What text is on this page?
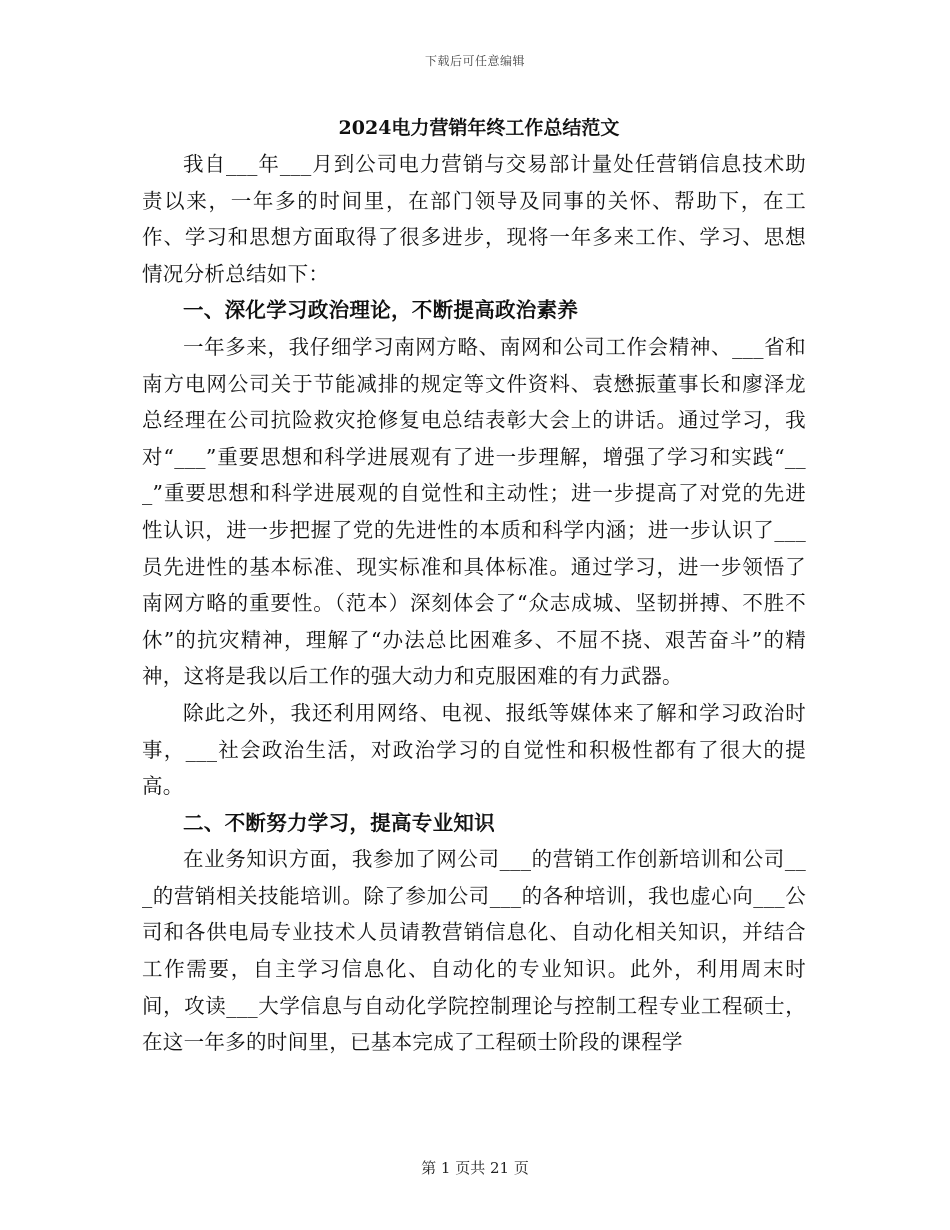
下载后可任意编辑
2024电力营销年终工作总结范文

我自___年___月到公司电力营销与交易部计量处任营销信息技术助责以来，一年多的时间里，在部门领导及同事的关怀、帮助下，在工作、学习和思想方面取得了很多进步，现将一年多来工作、学习、思想情况分析总结如下：

一、深化学习政治理论，不断提高政治素养

一年多来，我仔细学习南网方略、南网和公司工作会精神、___省和南方电网公司关于节能减排的规定等文件资料、袁懋振董事长和廖泽龙总经理在公司抗险救灾抢修复电总结表彰大会上的讲话。通过学习，我对“___”重要思想和科学进展观有了进一步理解，增强了学习和实践“___”重要思想和科学进展观的自觉性和主动性；进一步提高了对党的先进性认识，进一步把握了党的先进性的本质和科学内涵；进一步认识了___员先进性的基本标准、现实标准和具体标准。通过学习，进一步领悟了南网方略的重要性。（范本）深刻体会了“众志成城、坚韧拼搏、不胜不休”的抗灾精神，理解了“办法总比困难多、不屈不挠、艰苦奋斗”的精神，这将是我以后工作的强大动力和克服困难的有力武器。

除此之外，我还利用网络、电视、报纸等媒体来了解和学习政治时事，___社会政治生活，对政治学习的自觉性和积极性都有了很大的提高。

二、不断努力学习，提高专业知识

在业务知识方面，我参加了网公司___的营销工作创新培训和公司___的营销相关技能培训。除了参加公司___的各种培训，我也虚心向___公司和各供电局专业技术人员请教营销信息化、自动化相关知识，并结合工作需要，自主学习信息化、自动化的专业知识。此外，利用周末时间，攻读___大学信息与自动化学院控制理论与控制工程专业工程硕士，在这一年多的时间里，已基本完成了工程硕士阶段的课程学

第 1 页共 21 页
